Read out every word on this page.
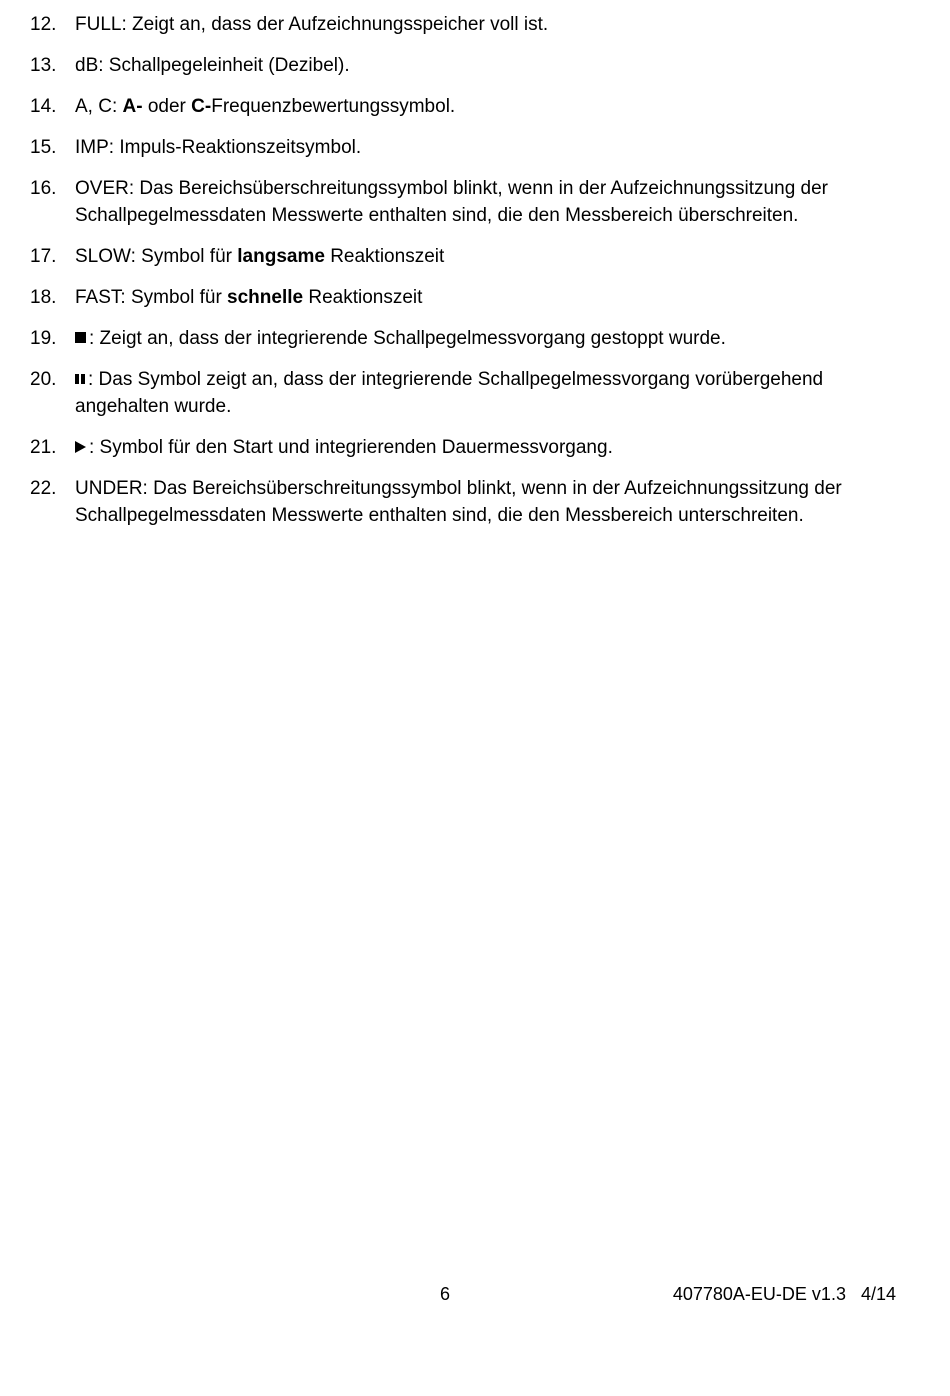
12. FULL: Zeigt an, dass der Aufzeichnungsspeicher voll ist.
13. dB: Schallpegeleinheit (Dezibel).
14. A, C: A- oder C-Frequenzbewertungssymbol.
15. IMP: Impuls-Reaktionszeitsymbol.
16. OVER: Das Bereichsüberschreitungssymbol blinkt, wenn in der Aufzeichnungssitzung der Schallpegelmessdaten Messwerte enthalten sind, die den Messbereich überschreiten.
17. SLOW: Symbol für langsame Reaktionszeit
18. FAST: Symbol für schnelle Reaktionszeit
19.	: Zeigt an, dass der integrierende Schallpegelmessvorgang gestoppt wurde.
20.	: Das Symbol zeigt an, dass der integrierende Schallpegelmessvorgang vorübergehend angehalten wurde.
21.	: Symbol für den Start und integrierenden Dauermessvorgang.
22. UNDER: Das Bereichsüberschreitungssymbol blinkt, wenn in der Aufzeichnungssitzung der Schallpegelmessdaten Messwerte enthalten sind, die den Messbereich unterschreiten.
6	407780A-EU-DE v1.3   4/14
